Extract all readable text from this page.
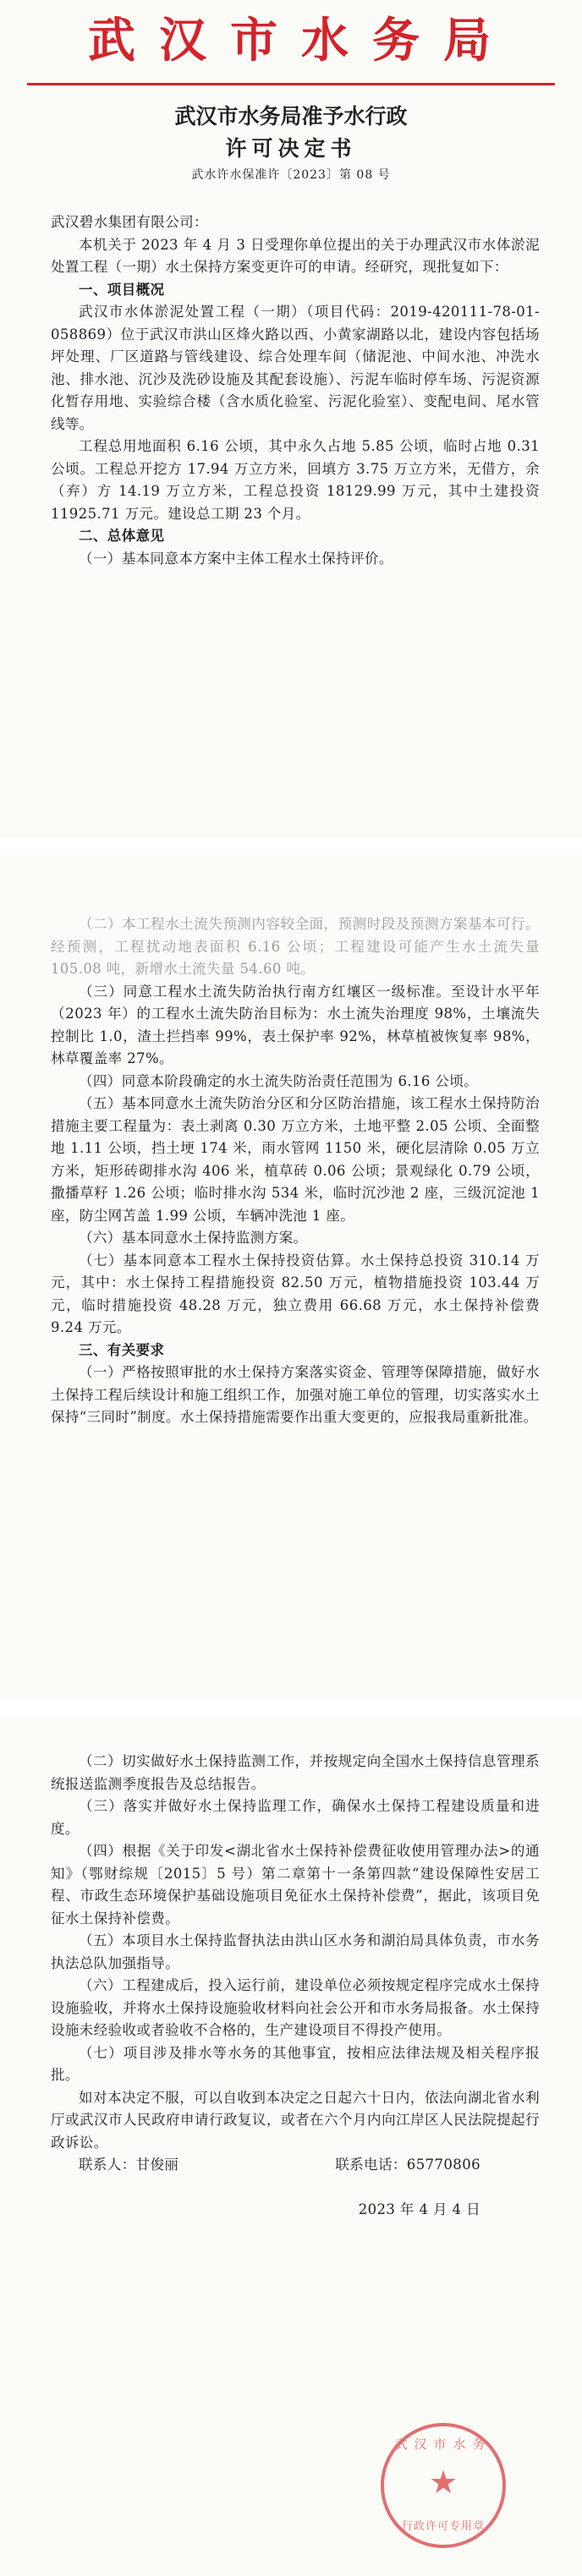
武汉市水务局
武汉市水务局准予水行政
许可决定书
武水许水保准许〔2023〕第 08 号

武汉碧水集团有限公司：

本机关于 2023 年 4 月 3 日受理你单位提出的关于办理武汉市水体淤泥处置工程（一期）水土保持方案变更许可的申请。经研究，现批复如下：

一、项目概况

武汉市水体淤泥处置工程（一期）（项目代码：2019-420111-78-01-058869）位于武汉市洪山区烽火路以西、小黄家湖路以北，建设内容包括场坪处理、厂区道路与管线建设、综合处理车间（储泥池、中间水池、冲洗水池、排水池、沉沙及洗砂设施及其配套设施）、污泥车临时停车场、污泥资源化暂存用地、实验综合楼（含水质化验室、污泥化验室）、变配电间、尾水管线等。

工程总用地面积 6.16 公顷，其中永久占地 5.85 公顷，临时占地 0.31 公顷。工程总开挖方 17.94 万立方米，回填方 3.75 万立方米，无借方，余（弃）方 14.19 万立方米，工程总投资 18129.99 万元，其中土建投资 11925.71 万元。建设总工期 23 个月。

二、总体意见

（一）基本同意本方案中主体工程水土保持评价。

（二）本工程水土流失预测内容较全面，预测时段及预测方案基本可行。经预测，工程扰动地表面积 6.16 公顷；工程建设可能产生水土流失量 105.08 吨，新增水土流失量 54.60 吨。

（三）同意工程水土流失防治执行南方红壤区一级标准。至设计水平年（2023 年）的工程水土流失防治目标为：水土流失治理度 98%，土壤流失控制比 1.0，渣土拦挡率 99%，表土保护率 92%，林草植被恢复率 98%，林草覆盖率 27%。

（四）同意本阶段确定的水土流失防治责任范围为 6.16 公顷。

（五）基本同意水土流失防治分区和分区防治措施，该工程水土保持防治措施主要工程量为：表土剥离 0.30 万立方米，土地平整 2.05 公顷、全面整地 1.11 公顷，挡土埂 174 米，雨水管网 1150 米，硬化层清除 0.05 万立方米，矩形砖砌排水沟 406 米，植草砖 0.06 公顷；景观绿化 0.79 公顷，撒播草籽 1.26 公顷；临时排水沟 534 米，临时沉沙池 2 座，三级沉淀池 1 座，防尘网苫盖 1.99 公顷，车辆冲洗池 1 座。

（六）基本同意水土保持监测方案。

（七）基本同意本工程水土保持投资估算。水土保持总投资 310.14 万元，其中：水土保持工程措施投资 82.50 万元，植物措施投资 103.44 万元，临时措施投资 48.28 万元，独立费用 66.68 万元，水土保持补偿费 9.24 万元。

三、有关要求

（一）严格按照审批的水土保持方案落实资金、管理等保障措施，做好水土保持工程后续设计和施工组织工作，加强对施工单位的管理，切实落实水土保持“三同时”制度。水土保持措施需要作出重大变更的，应报我局重新批准。

（二）切实做好水土保持监测工作，并按规定向全国水土保持信息管理系统报送监测季度报告及总结报告。

（三）落实并做好水土保持监理工作，确保水土保持工程建设质量和进度。

（四）根据《关于印发<湖北省水土保持补偿费征收使用管理办法>的通知》（鄂财综规〔2015〕5 号）第二章第十一条第四款“建设保障性安居工程、市政生态环境保护基础设施项目免征水土保持补偿费”，据此，该项目免征水土保持补偿费。

（五）本项目水土保持监督执法由洪山区水务和湖泊局具体负责，市水务执法总队加强指导。

（六）工程建成后，投入运行前，建设单位必须按规定程序完成水土保持设施验收，并将水土保持设施验收材料向社会公开和市水务局报备。水土保持设施未经验收或者验收不合格的，生产建设项目不得投产使用。

（七）项目涉及排水等水务的其他事宜，按相应法律法规及相关程序报批。

如对本决定不服，可以自收到本决定之日起六十日内，依法向湖北省水利厅或武汉市人民政府申请行政复议，或者在六个月内向江岸区人民法院提起行政诉讼。

联系人：甘俊丽	联系电话：65770806

2023 年 4 月 4 日

武汉市水务
★
行政许可专用章
